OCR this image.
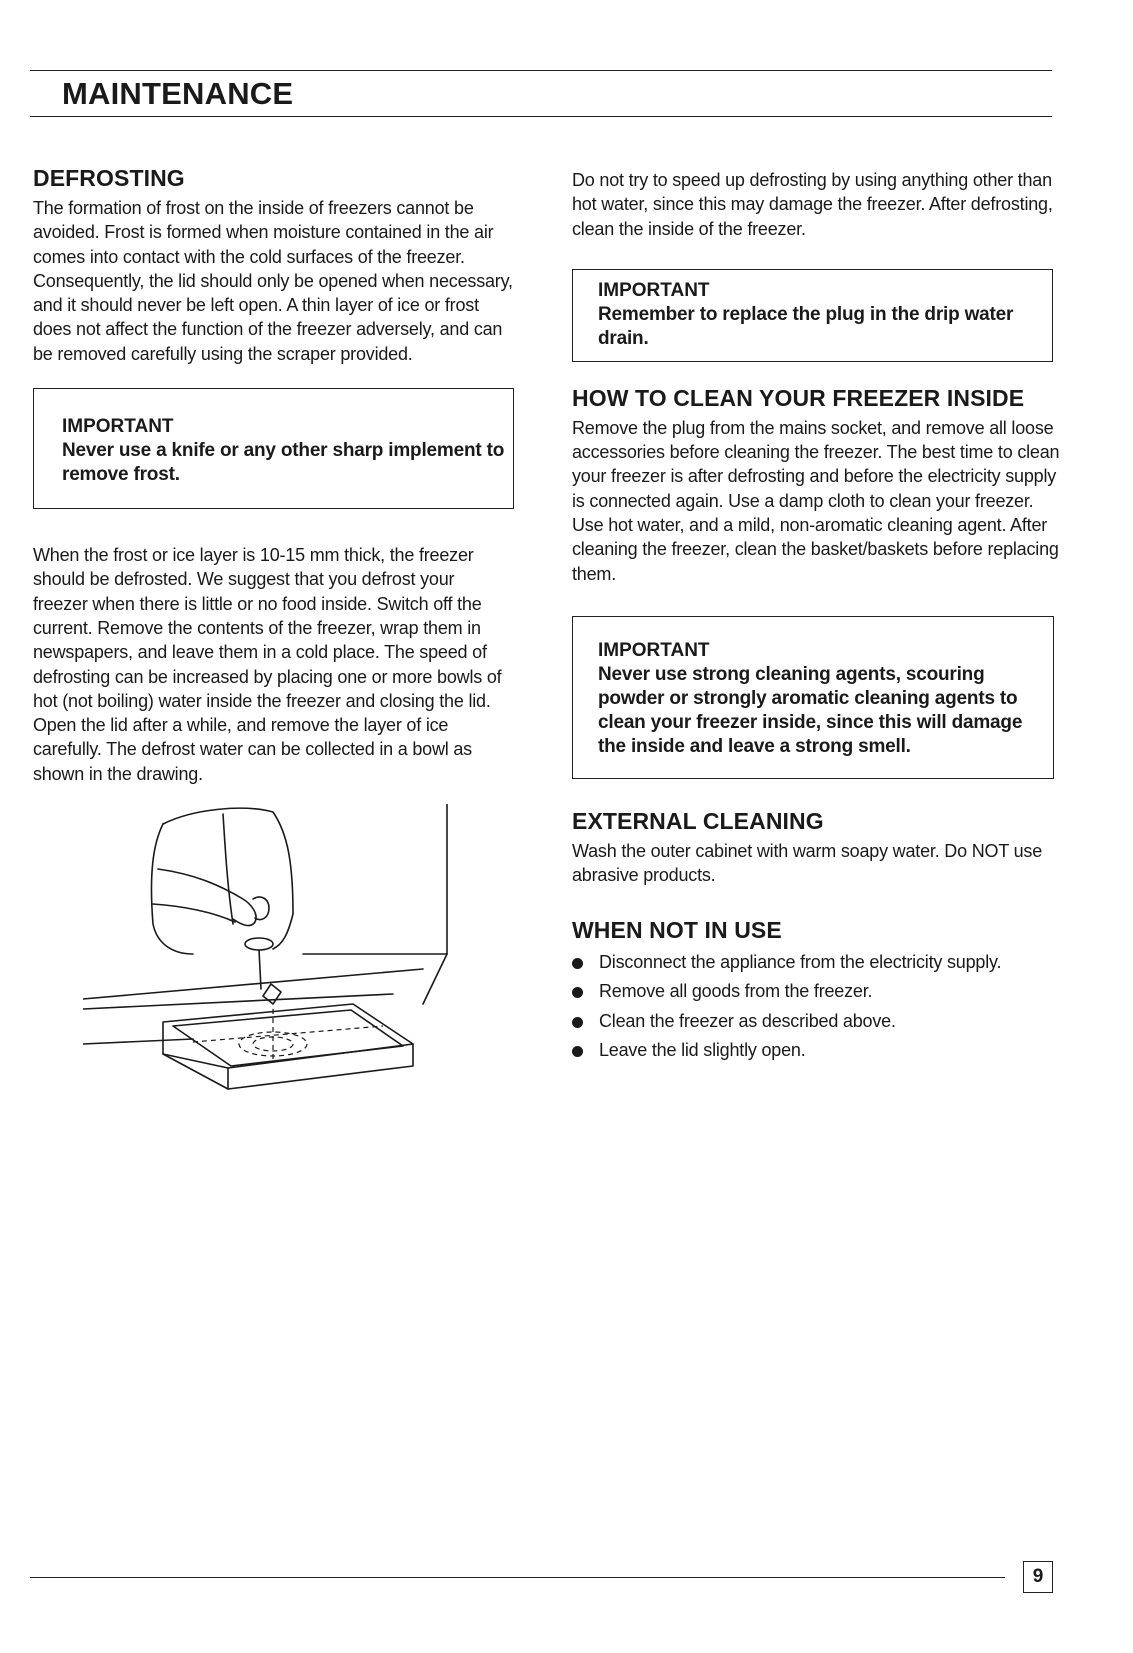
MAINTENANCE
DEFROSTING

The formation of frost on the inside of freezers cannot be avoided. Frost is formed when moisture contained in the air comes into contact with the cold surfaces of the freezer. Consequently, the lid should only be opened when necessary, and it should never be left open. A thin layer of ice or frost does not affect the function of the freezer adversely, and can be removed carefully using the scraper provided.

IMPORTANT
Never use a knife or any other sharp implement to remove frost.

When the frost or ice layer is 10-15 mm thick, the freezer should be defrosted. We suggest that you defrost your freezer when there is little or no food inside. Switch off the current. Remove the contents of the freezer, wrap them in newspapers, and leave them in a cold place. The speed of defrosting can be increased by placing one or more bowls of hot (not boiling) water inside the freezer and closing the lid. Open the lid after a while, and remove the layer of ice carefully. The defrost water can be collected in a bowl as shown in the drawing.

Do not try to speed up defrosting by using anything other than hot water, since this may damage the freezer. After defrosting, clean the inside of the freezer.

IMPORTANT
Remember to replace the plug in the drip water drain.
HOW TO CLEAN YOUR FREEZER INSIDE

Remove the plug from the mains socket, and remove all loose accessories before cleaning the freezer. The best time to clean your freezer is after defrosting and before the electricity supply is connected again. Use a damp cloth to clean your freezer. Use hot water, and a mild, non-aromatic cleaning agent. After cleaning the freezer, clean the basket/baskets before replacing them.

IMPORTANT
Never use strong cleaning agents, scouring powder or strongly aromatic cleaning agents to clean your freezer inside, since this will damage the inside and leave a strong smell.
EXTERNAL CLEANING

Wash the outer cabinet with warm soapy water. Do NOT use abrasive products.

WHEN NOT IN USE
Disconnect the appliance from the electricity supply.
Remove all goods from the freezer.
Clean the freezer as described above.
Leave the lid slightly open.
9
